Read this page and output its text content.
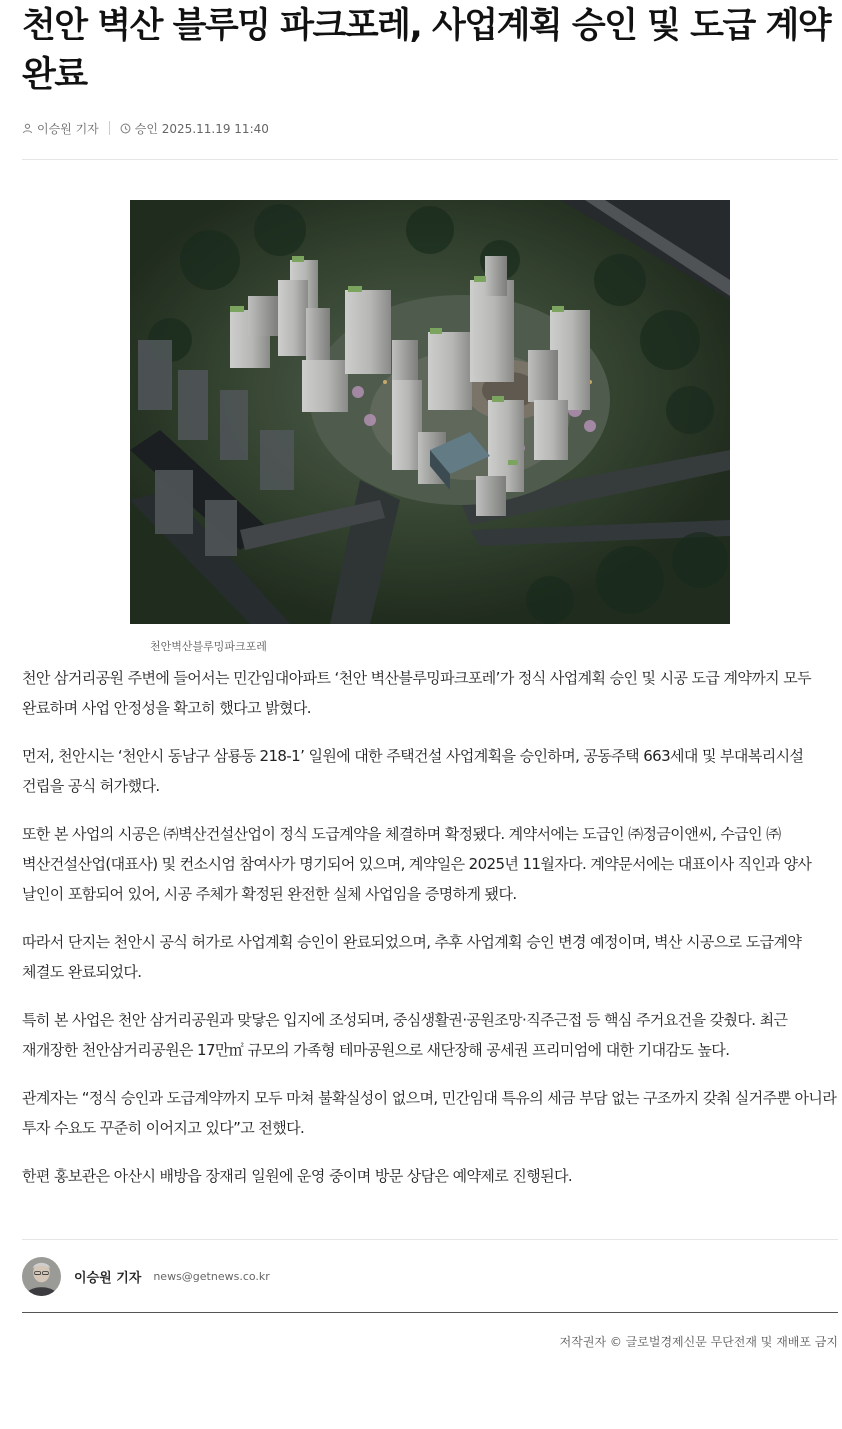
천안 벽산 블루밍 파크포레, 사업계획 승인 및 도급 계약 완료
이승원 기자	승인 2025.11.19 11:40
천안벽산블루밍파크포레

천안 삼거리공원 주변에 들어서는 민간임대아파트 ‘천안 벽산블루밍파크포레’가 정식 사업계획 승인 및 시공 도급 계약까지 모두 완료하며 사업 안정성을 확고히 했다고 밝혔다.

먼저, 천안시는 ‘천안시 동남구 삼룡동 218-1’ 일원에 대한 주택건설 사업계획을 승인하며, 공동주택 663세대 및 부대복리시설 건립을 공식 허가했다.

또한 본 사업의 시공은 ㈜벽산건설산업이 정식 도급계약을 체결하며 확정됐다. 계약서에는 도급인 ㈜정금이앤씨, 수급인 ㈜벽산건설산업(대표사) 및 컨소시엄 참여사가 명기되어 있으며, 계약일은 2025년 11월자다. 계약문서에는 대표이사 직인과 양사 날인이 포함되어 있어, 시공 주체가 확정된 완전한 실체 사업임을 증명하게 됐다.

따라서 단지는 천안시 공식 허가로 사업계획 승인이 완료되었으며, 추후 사업계획 승인 변경 예정이며, 벽산 시공으로 도급계약 체결도 완료되었다.

특히 본 사업은 천안 삼거리공원과 맞닿은 입지에 조성되며, 중심생활권·공원조망·직주근접 등 핵심 주거요건을 갖췄다. 최근 재개장한 천안삼거리공원은 17만㎡ 규모의 가족형 테마공원으로 새단장해 공세권 프리미엄에 대한 기대감도 높다.

관계자는 “정식 승인과 도급계약까지 모두 마쳐 불확실성이 없으며, 민간임대 특유의 세금 부담 없는 구조까지 갖춰 실거주뿐 아니라 투자 수요도 꾸준히 이어지고 있다”고 전했다.

한편 홍보관은 아산시 배방읍 장재리 일원에 운영 중이며 방문 상담은 예약제로 진행된다.

이승원 기자 news@getnews.co.kr
저작권자 © 글로벌경제신문 무단전재 및 재배포 금지
